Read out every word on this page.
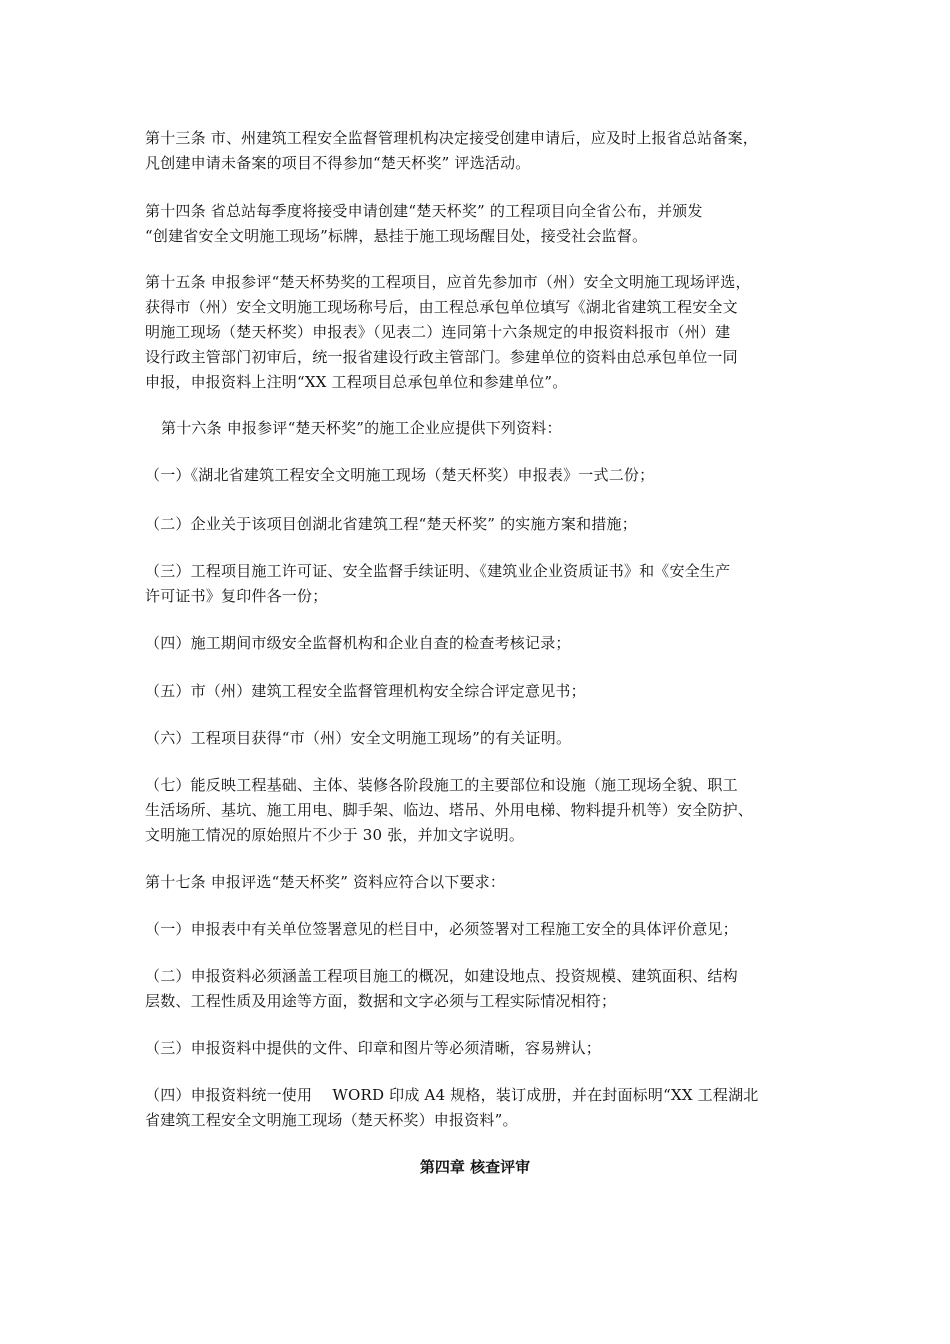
第十三条 市、州建筑工程安全监督管理机构决定接受创建申请后，应及时上报省总站备案，
凡创建申请未备案的项目不得参加“楚天杯奖” 评选活动。
第十四条 省总站每季度将接受申请创建“楚天杯奖” 的工程项目向全省公布，并颁发
“创建省安全文明施工现场”标牌，悬挂于施工现场醒目处，接受社会监督。
第十五条 申报参评“楚天杯势奖的工程项目，应首先参加市（州）安全文明施工现场评选，
获得市（州）安全文明施工现场称号后，由工程总承包单位填写《湖北省建筑工程安全文
明施工现场（楚天杯奖）申报表》（见表二）连同第十六条规定的申报资料报市（州）建
设行政主管部门初审后，统一报省建设行政主管部门。参建单位的资料由总承包单位一同
申报，申报资料上注明“XX 工程项目总承包单位和参建单位”。
第十六条 申报参评“楚天杯奖”的施工企业应提供下列资料：
（一）《湖北省建筑工程安全文明施工现场（楚天杯奖）申报表》一式二份；
（二）企业关于该项目创湖北省建筑工程“楚天杯奖” 的实施方案和措施；
（三）工程项目施工许可证、安全监督手续证明、《建筑业企业资质证书》和《安全生产
许可证书》复印件各一份；
（四）施工期间市级安全监督机构和企业自查的检查考核记录；
（五）市（州）建筑工程安全监督管理机构安全综合评定意见书；
（六）工程项目获得“市（州）安全文明施工现场”的有关证明。
（七）能反映工程基础、主体、装修各阶段施工的主要部位和设施（施工现场全貌、职工
生活场所、基坑、施工用电、脚手架、临边、塔吊、外用电梯、物料提升机等）安全防护、
文明施工情况的原始照片不少于 30 张，并加文字说明。
第十七条 申报评选“楚天杯奖” 资料应符合以下要求：
（一）申报表中有关单位签署意见的栏目中，必须签署对工程施工安全的具体评价意见；
（二）申报资料必须涵盖工程项目施工的概况，如建设地点、投资规模、建筑面积、结构
层数、工程性质及用途等方面，数据和文字必须与工程实际情况相符；
（三）申报资料中提供的文件、印章和图片等必须清晰，容易辨认；
（四）申报资料统一使用　 WORD 印成 A4 规格，装订成册，并在封面标明“XX 工程湖北
省建筑工程安全文明施工现场（楚天杯奖）申报资料”。
第四章 核查评审
